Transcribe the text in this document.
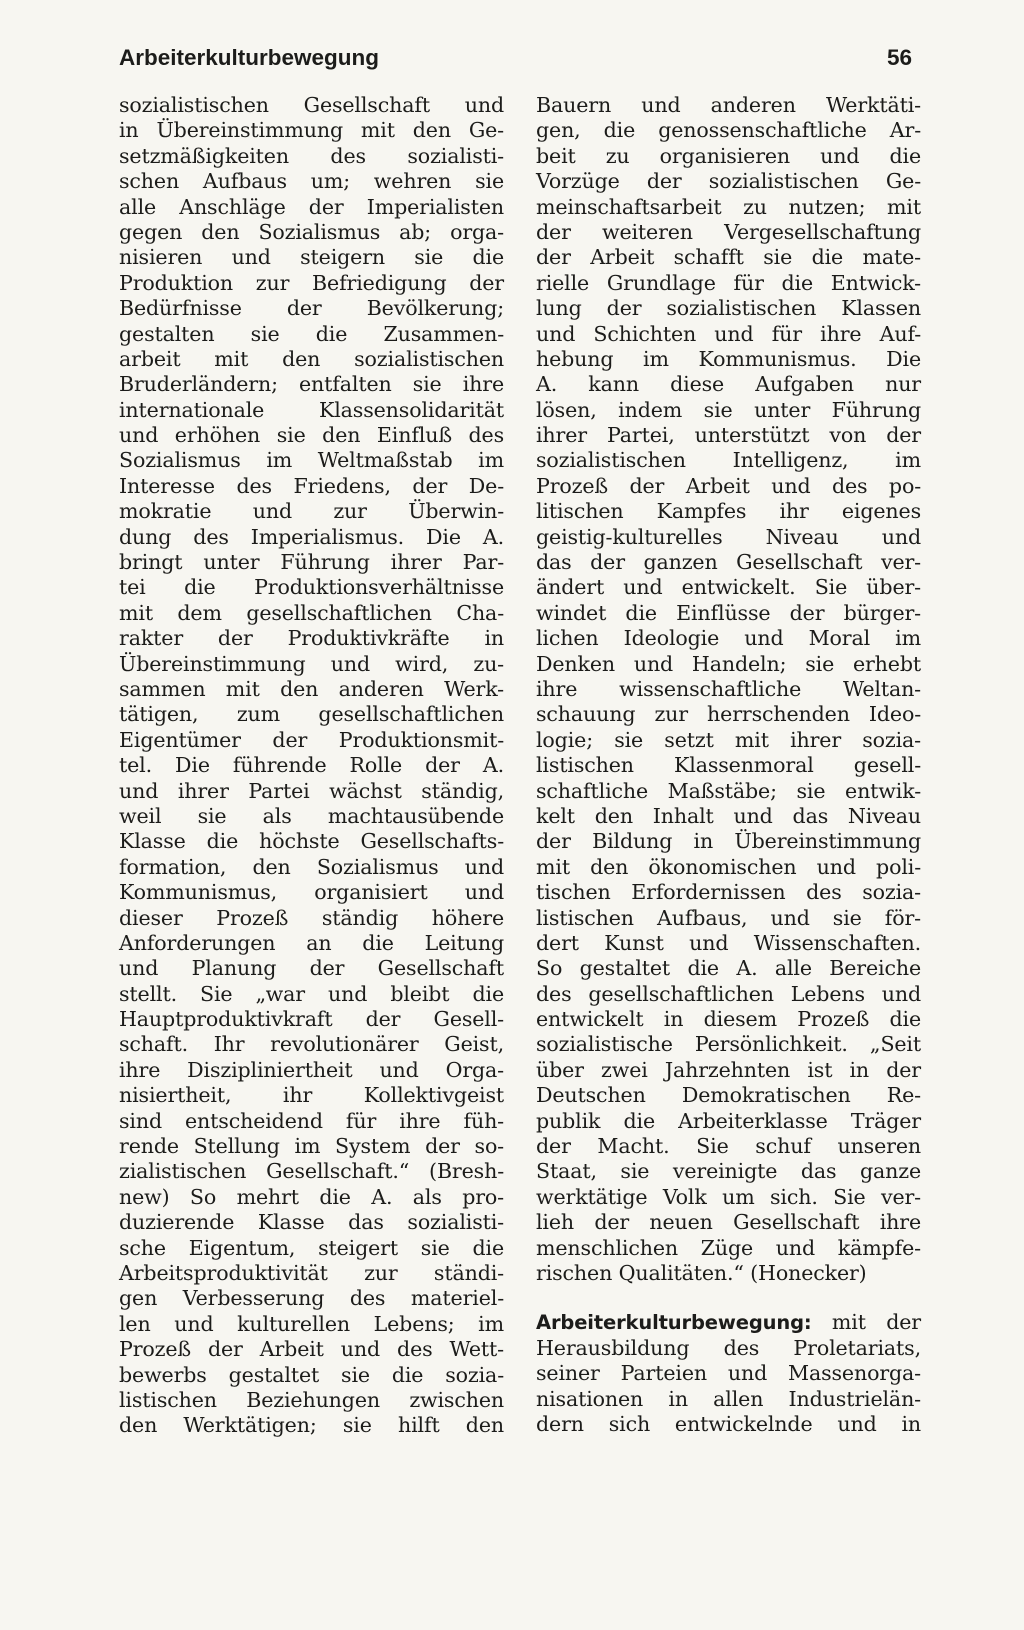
Arbeiterkulturbewegung	56
sozialistischen Gesellschaft und
in Übereinstimmung mit den Ge-
setzmäßigkeiten des sozialisti-
schen Aufbaus um; wehren sie
alle Anschläge der Imperialisten
gegen den Sozialismus ab; orga-
nisieren und steigern sie die
Produktion zur Befriedigung der
Bedürfnisse der Bevölkerung;
gestalten sie die Zusammen-
arbeit mit den sozialistischen
Bruderländern; entfalten sie ihre
internationale Klassensolidarität
und erhöhen sie den Einfluß des
Sozialismus im Weltmaßstab im
Interesse des Friedens, der De-
mokratie und zur Überwin-
dung des Imperialismus. Die A.
bringt unter Führung ihrer Par-
tei die Produktionsverhältnisse
mit dem gesellschaftlichen Cha-
rakter der Produktivkräfte in
Übereinstimmung und wird, zu-
sammen mit den anderen Werk-
tätigen, zum gesellschaftlichen
Eigentümer der Produktionsmit-
tel. Die führende Rolle der A.
und ihrer Partei wächst ständig,
weil sie als machtausübende
Klasse die höchste Gesellschafts-
formation, den Sozialismus und
Kommunismus, organisiert und
dieser Prozeß ständig höhere
Anforderungen an die Leitung
und Planung der Gesellschaft
stellt. Sie „war und bleibt die
Hauptproduktivkraft der Gesell-
schaft. Ihr revolutionärer Geist,
ihre Diszipliniertheit und Orga-
nisiertheit, ihr Kollektivgeist
sind entscheidend für ihre füh-
rende Stellung im System der so-
zialistischen Gesellschaft.“ (Bresh-
new) So mehrt die A. als pro-
duzierende Klasse das sozialisti-
sche Eigentum, steigert sie die
Arbeitsproduktivität zur ständi-
gen Verbesserung des materiel-
len und kulturellen Lebens; im
Prozeß der Arbeit und des Wett-
bewerbs gestaltet sie die sozia-
listischen Beziehungen zwischen
den Werktätigen; sie hilft den
Bauern und anderen Werktäti-
gen, die genossenschaftliche Ar-
beit zu organisieren und die
Vorzüge der sozialistischen Ge-
meinschaftsarbeit zu nutzen; mit
der weiteren Vergesellschaftung
der Arbeit schafft sie die mate-
rielle Grundlage für die Entwick-
lung der sozialistischen Klassen
und Schichten und für ihre Auf-
hebung im Kommunismus. Die
A. kann diese Aufgaben nur
lösen, indem sie unter Führung
ihrer Partei, unterstützt von der
sozialistischen Intelligenz, im
Prozeß der Arbeit und des po-
litischen Kampfes ihr eigenes
geistig-kulturelles Niveau und
das der ganzen Gesellschaft ver-
ändert und entwickelt. Sie über-
windet die Einflüsse der bürger-
lichen Ideologie und Moral im
Denken und Handeln; sie erhebt
ihre wissenschaftliche Weltan-
schauung zur herrschenden Ideo-
logie; sie setzt mit ihrer sozia-
listischen Klassenmoral gesell-
schaftliche Maßstäbe; sie entwik-
kelt den Inhalt und das Niveau
der Bildung in Übereinstimmung
mit den ökonomischen und poli-
tischen Erfordernissen des sozia-
listischen Aufbaus, und sie för-
dert Kunst und Wissenschaften.
So gestaltet die A. alle Bereiche
des gesellschaftlichen Lebens und
entwickelt in diesem Prozeß die
sozialistische Persönlichkeit. „Seit
über zwei Jahrzehnten ist in der
Deutschen Demokratischen Re-
publik die Arbeiterklasse Träger
der Macht. Sie schuf unseren
Staat, sie vereinigte das ganze
werktätige Volk um sich. Sie ver-
lieh der neuen Gesellschaft ihre
menschlichen Züge und kämpfe-
rischen Qualitäten.“ (Honecker)
Arbeiterkulturbewegung: mit der
Herausbildung des Proletariats,
seiner Parteien und Massenorga-
nisationen in allen Industrielän-
dern sich entwickelnde und in
